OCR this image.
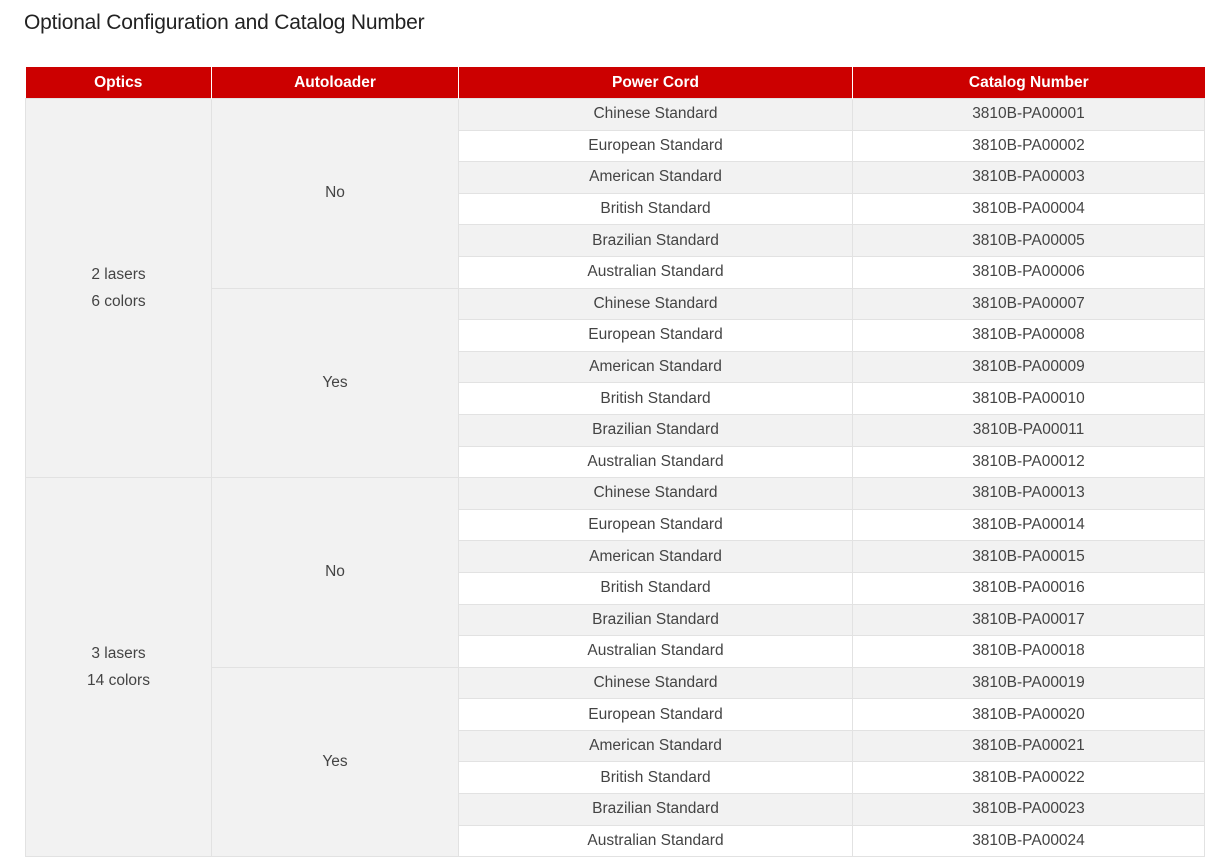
Optional Configuration and Catalog Number
Optics	Autoloader	Power Cord	Catalog Number

2 lasers
6 colors	No	Chinese Standard	3810B-PA00001
		European Standard	3810B-PA00002
		American Standard	3810B-PA00003
		British Standard	3810B-PA00004
		Brazilian Standard	3810B-PA00005
		Australian Standard	3810B-PA00006
	Yes	Chinese Standard	3810B-PA00007
		European Standard	3810B-PA00008
		American Standard	3810B-PA00009
		British Standard	3810B-PA00010
		Brazilian Standard	3810B-PA00011
		Australian Standard	3810B-PA00012

3 lasers
14 colors	No	Chinese Standard	3810B-PA00013
		European Standard	3810B-PA00014
		American Standard	3810B-PA00015
		British Standard	3810B-PA00016
		Brazilian Standard	3810B-PA00017
		Australian Standard	3810B-PA00018
	Yes	Chinese Standard	3810B-PA00019
		European Standard	3810B-PA00020
		American Standard	3810B-PA00021
		British Standard	3810B-PA00022
		Brazilian Standard	3810B-PA00023
		Australian Standard	3810B-PA00024
